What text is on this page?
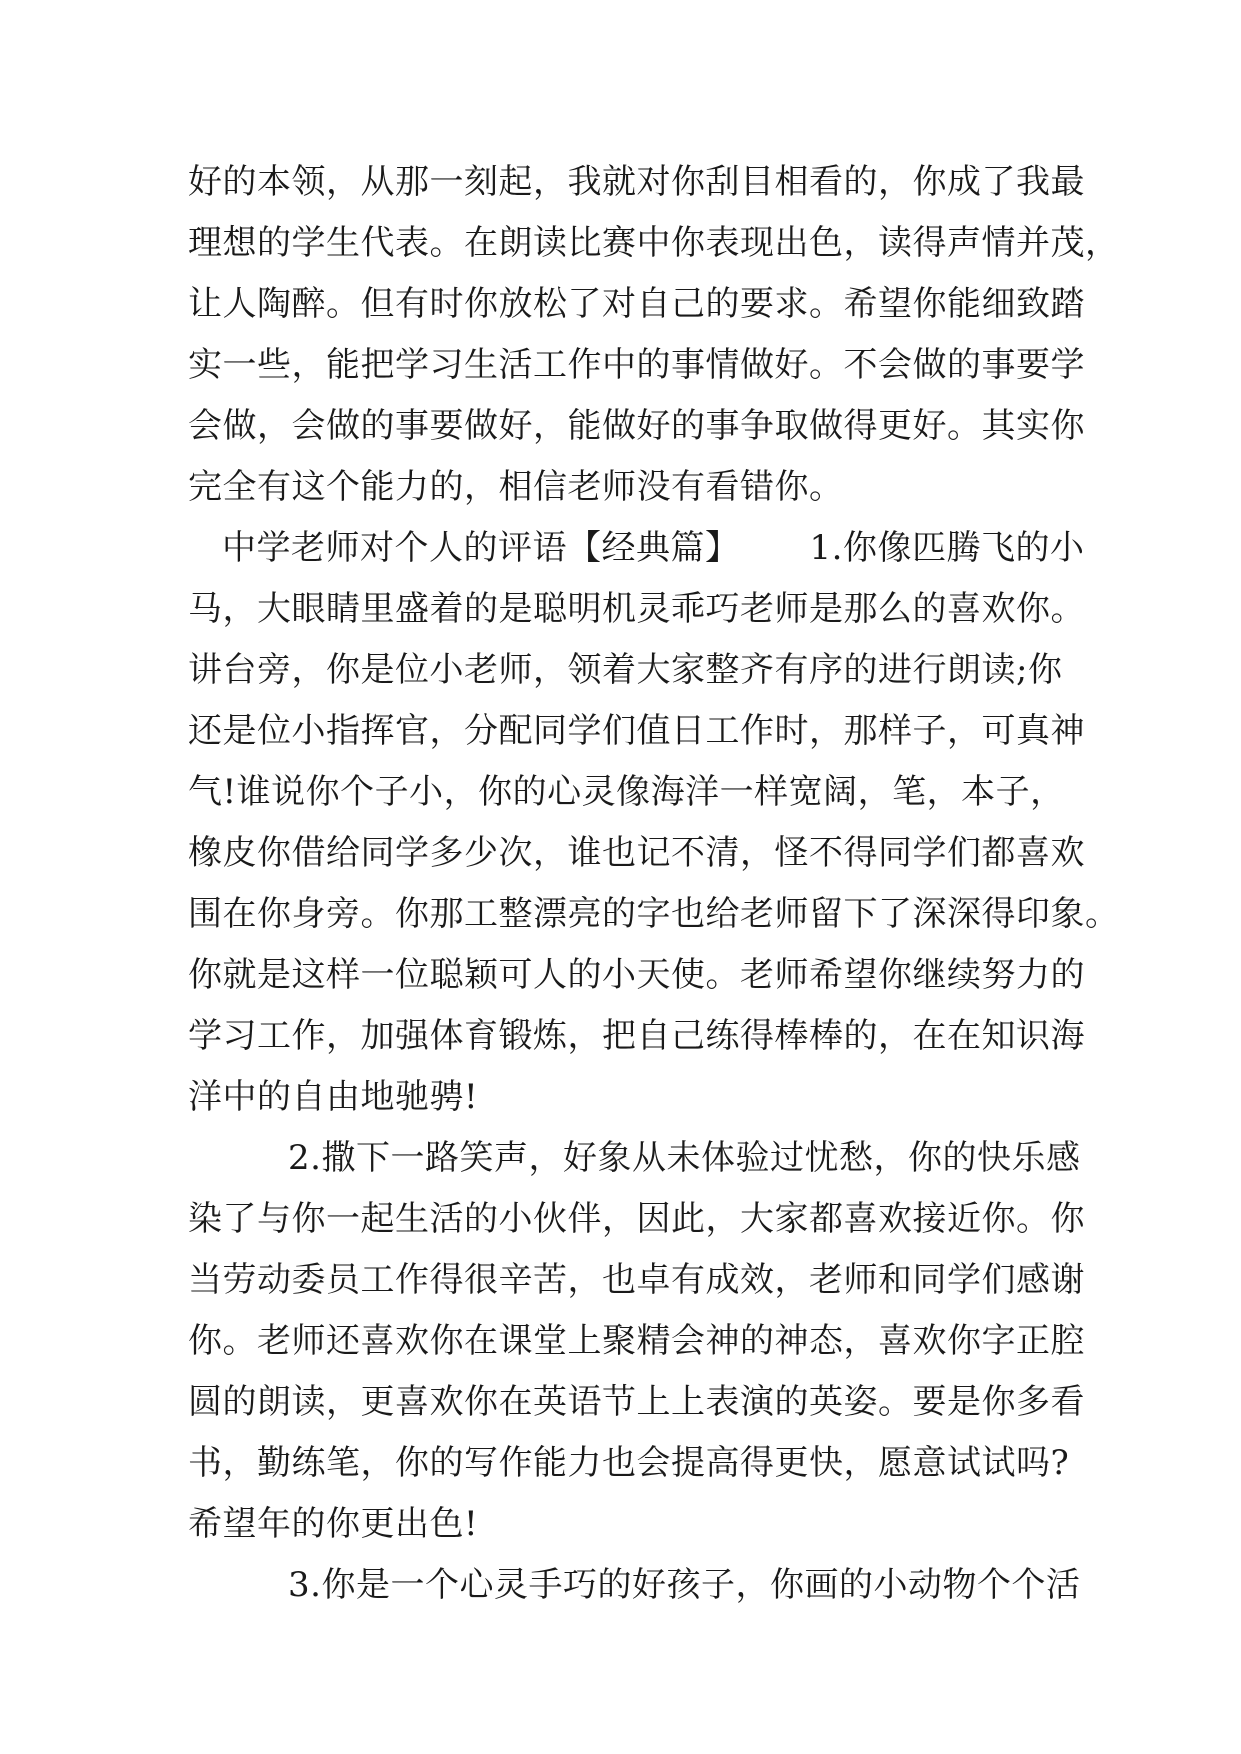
好的本领，从那一刻起，我就对你刮目相看的，你成了我最
理想的学生代表。在朗读比赛中你表现出色，读得声情并茂，
让人陶醉。但有时你放松了对自己的要求。希望你能细致踏
实一些，能把学习生活工作中的事情做好。不会做的事要学
会做，会做的事要做好，能做好的事争取做得更好。其实你
完全有这个能力的，相信老师没有看错你。
中学老师对个人的评语【经典篇】 1.你像匹腾飞的小
马，大眼睛里盛着的是聪明机灵乖巧老师是那么的喜欢你。
讲台旁，你是位小老师，领着大家整齐有序的进行朗读;你
还是位小指挥官，分配同学们值日工作时，那样子，可真神
气!谁说你个子小，你的心灵像海洋一样宽阔，笔，本子，
橡皮你借给同学多少次，谁也记不清，怪不得同学们都喜欢
围在你身旁。你那工整漂亮的字也给老师留下了深深得印象。
你就是这样一位聪颖可人的小天使。老师希望你继续努力的
学习工作，加强体育锻炼，把自己练得棒棒的，在在知识海
洋中的自由地驰骋!
2.撒下一路笑声，好象从未体验过忧愁，你的快乐感
染了与你一起生活的小伙伴，因此，大家都喜欢接近你。你
当劳动委员工作得很辛苦，也卓有成效，老师和同学们感谢
你。老师还喜欢你在课堂上聚精会神的神态，喜欢你字正腔
圆的朗读，更喜欢你在英语节上上表演的英姿。要是你多看
书，勤练笔，你的写作能力也会提高得更快，愿意试试吗?
希望年的你更出色!
3.你是一个心灵手巧的好孩子，你画的小动物个个活
